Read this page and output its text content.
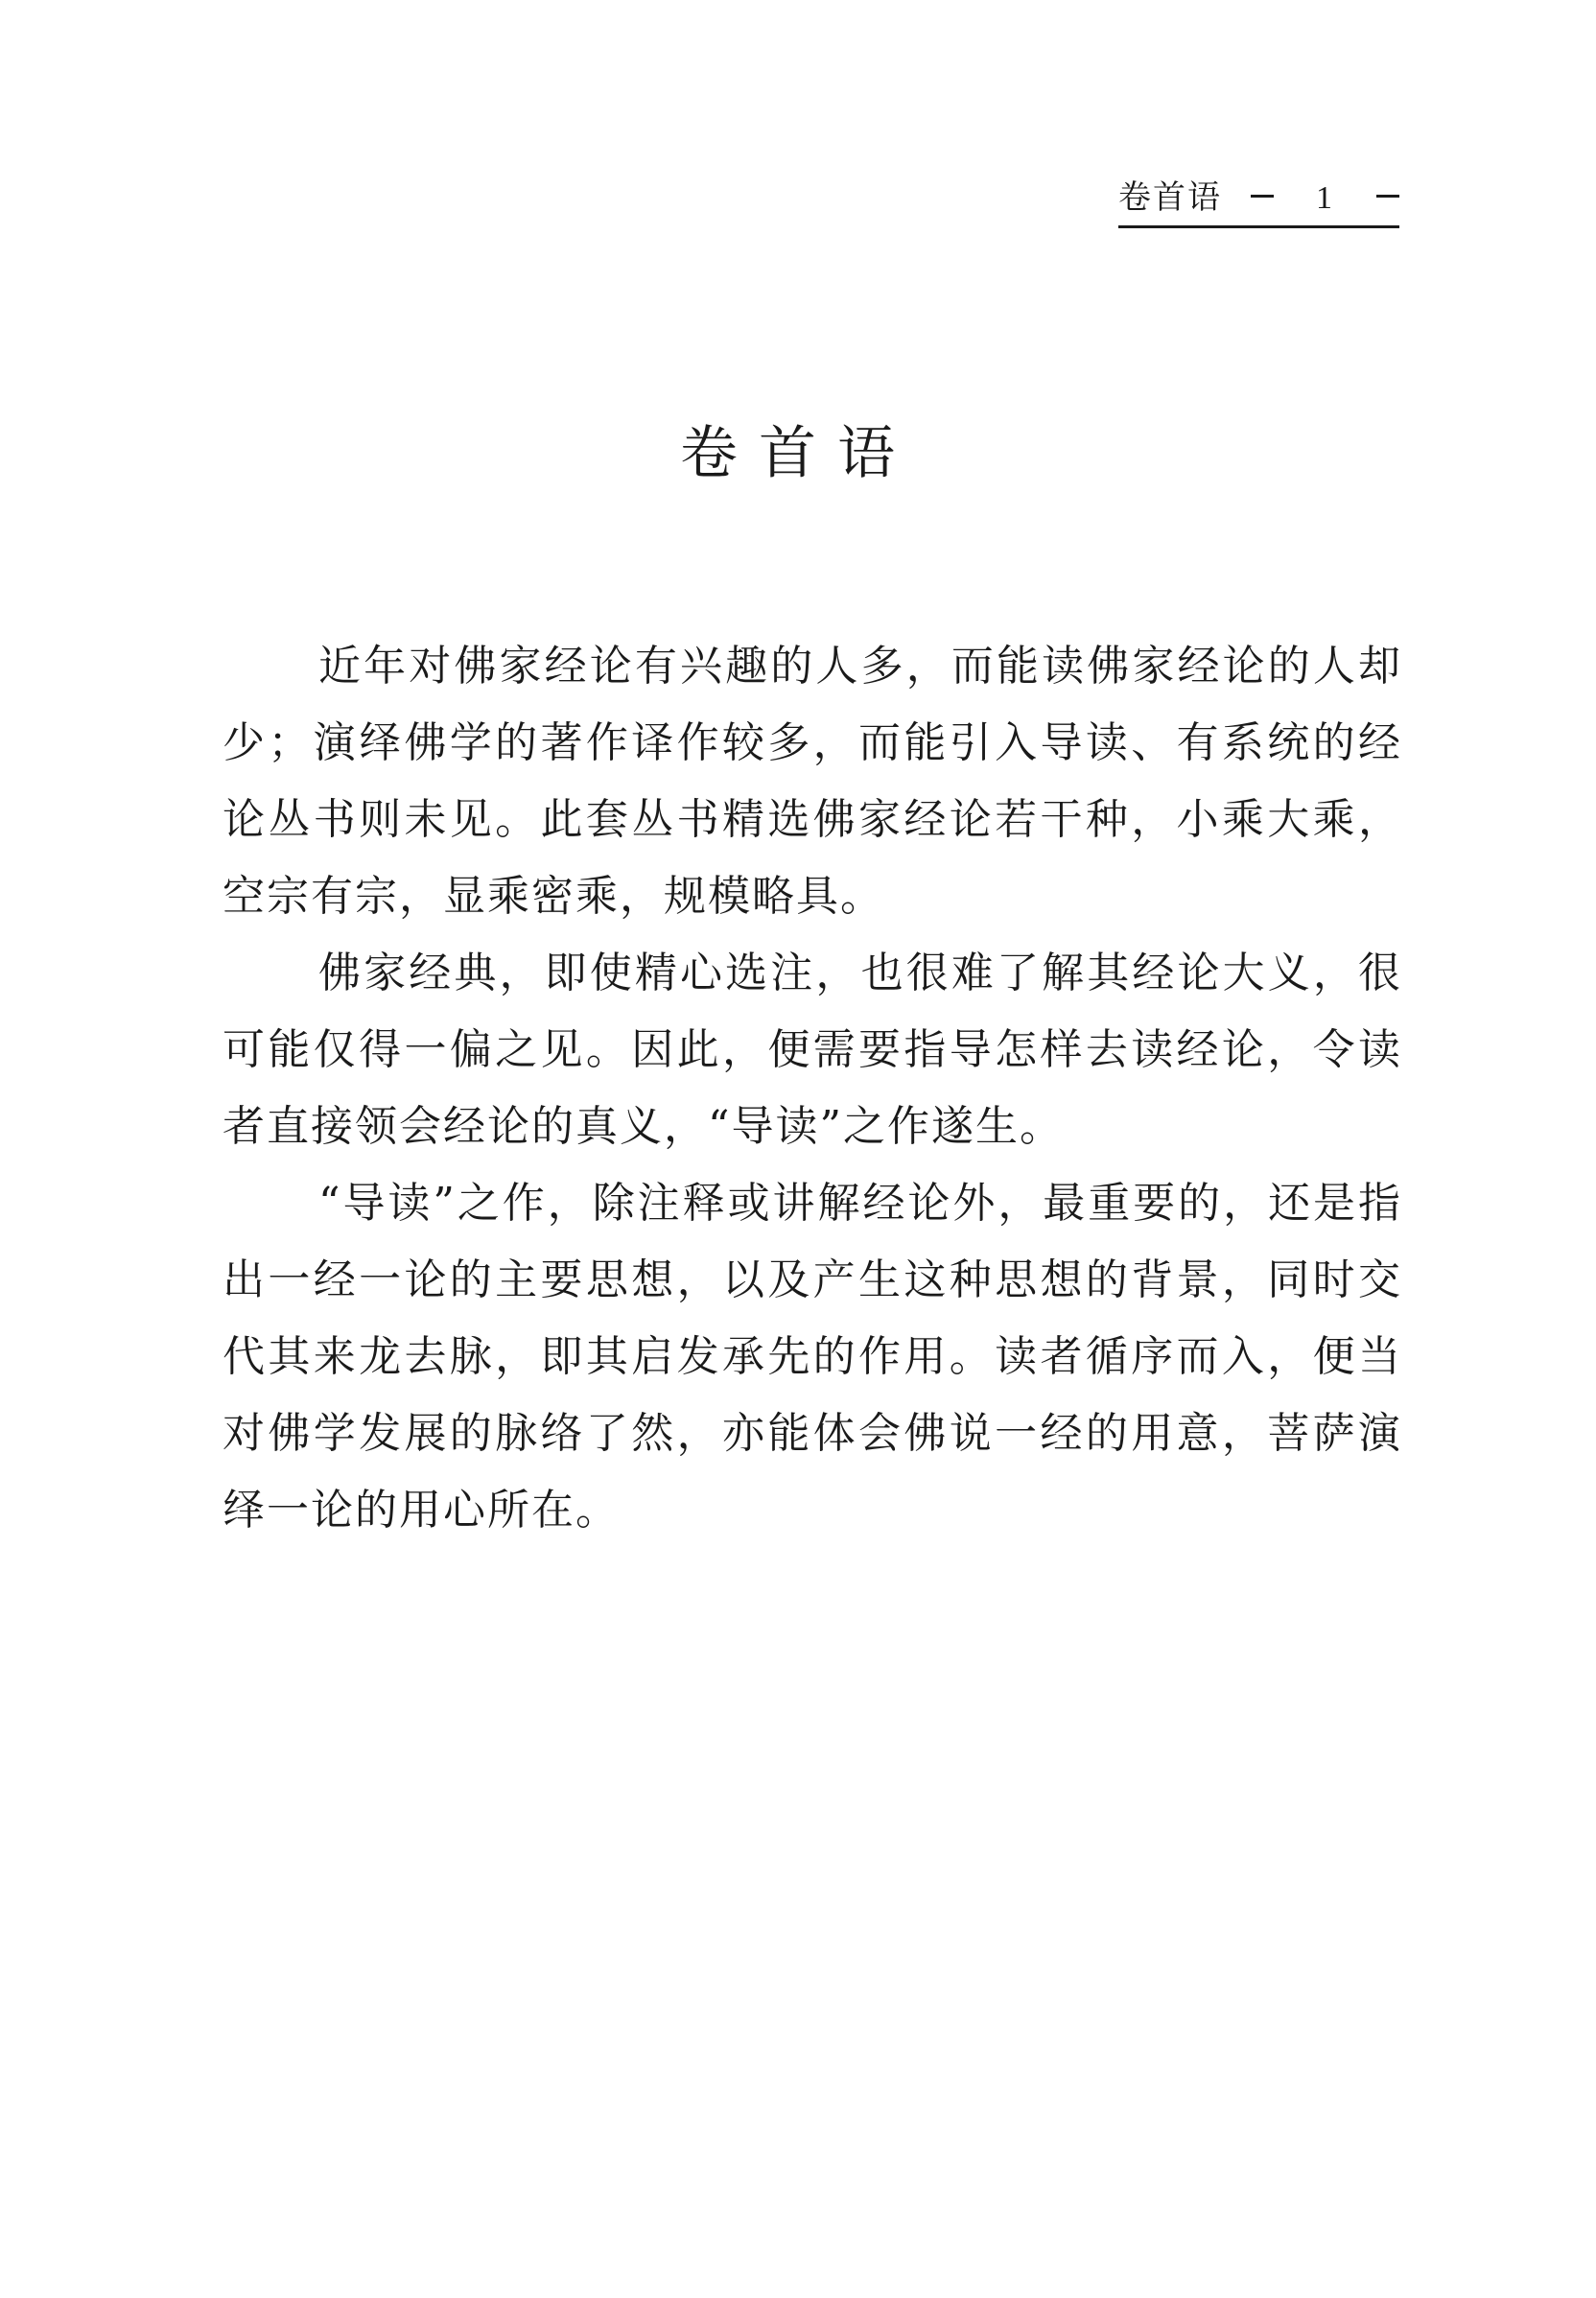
卷首语	1
卷首语

近年对佛家经论有兴趣的人多，而能读佛家经论的人却少；演绎佛学的著作译作较多，而能引入导读、有系统的经论丛书则未见。此套丛书精选佛家经论若干种，小乘大乘，空宗有宗，显乘密乘，规模略具。

佛家经典，即使精心选注，也很难了解其经论大义，很可能仅得一偏之见。因此，便需要指导怎样去读经论，令读者直接领会经论的真义，“导读”之作遂生。

“导读”之作，除注释或讲解经论外，最重要的，还是指出一经一论的主要思想，以及产生这种思想的背景，同时交代其来龙去脉，即其启发承先的作用。读者循序而入，便当对佛学发展的脉络了然，亦能体会佛说一经的用意，菩萨演绎一论的用心所在。
